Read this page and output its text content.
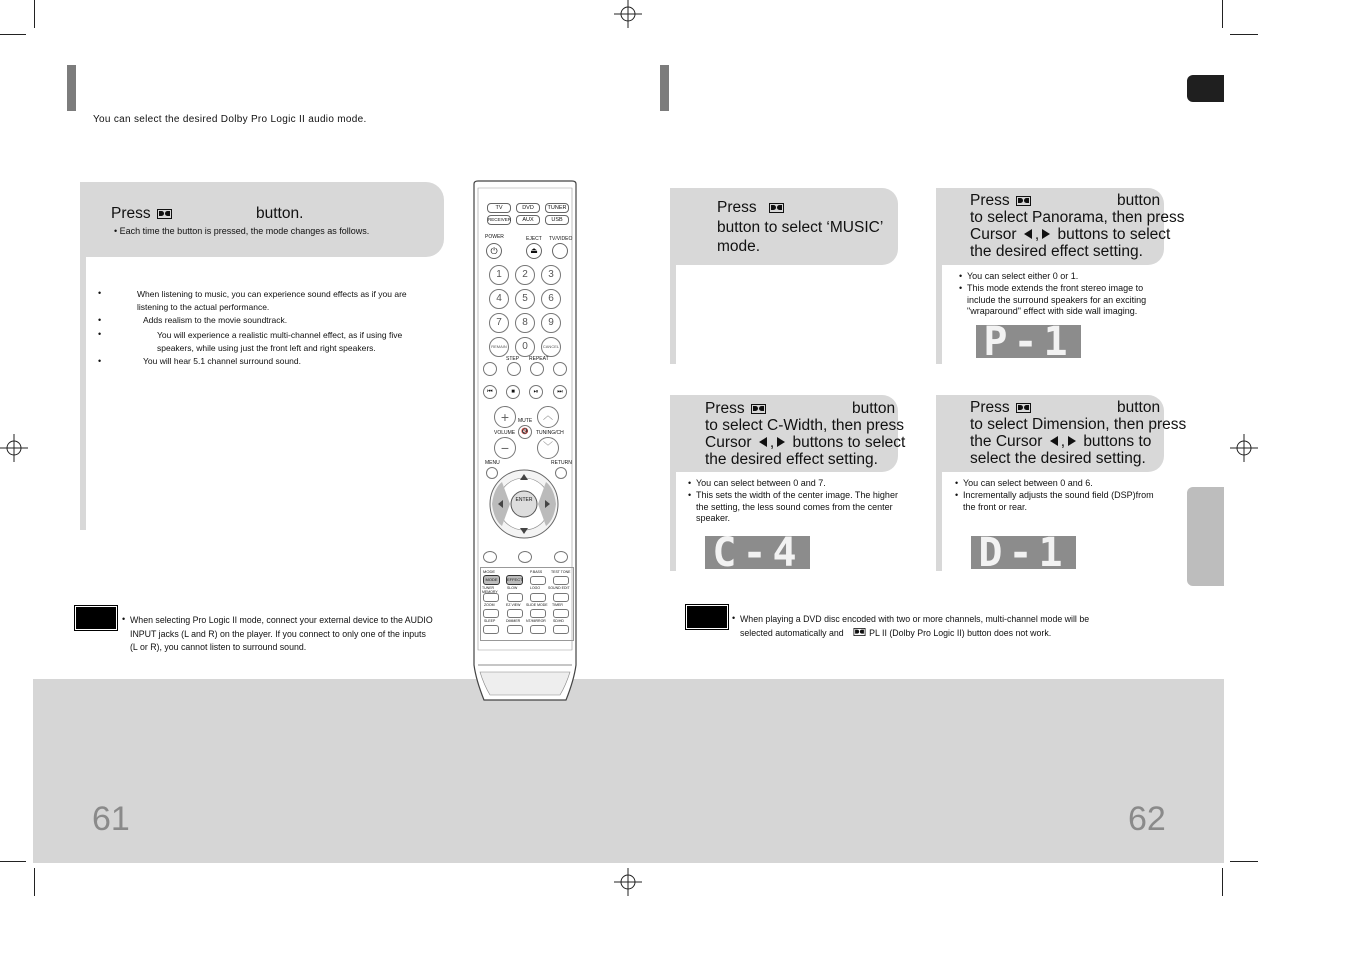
61	62
You can select the desired Dolby Pro Logic II audio mode.
Press	button.
• Each time the button is pressed, the mode changes as follows.
•	When listening to music, you can experience sound effects as if you are listening to the actual performance.
•	Adds realism to the movie soundtrack.
•	You will experience a realistic multi-channel effect, as if using five speakers, while using just the front left and right speakers.
•	You will hear 5.1 channel surround sound.
• When selecting Pro Logic II mode, connect your external device to the AUDIO INPUT jacks (L and R) on the player. If you connect to only one of the inputs (L or R), you cannot listen to surround sound.
TV	DVD	TUNER
RECEIVER	AUX	USB
POWER	EJECT TV/VIDEO
⏻	⏏
1	2	3
4	5	6
7	8	9
REMAIN	0	CANCEL
STEP REPEAT
⏮	■	⏯	⏭
+	︿
MUTE
🔇
VOLUME	TUNING/CH
−	﹀
MENU	RETURN
ENTER
MODE
MODE	EFFECT
P.BASS	TEST TONE
TUNER MEMORY
SLOW	LOGO SOUND EDIT
ZOOM	EZ VIEW SLIDE MODE TIMER
SLEEP	DIMMER NT/MIRROR SD/HD
Press
button to select ‘MUSIC’
mode.
Press	button
to select Panorama, then press
Cursor , buttons to select
the desired effect setting.
• You can select either 0 or 1.
• This mode extends the front stereo image to include the surround speakers for an exciting "wraparound" effect with side wall imaging.
P-1
Press	button
to select C-Width, then press
Cursor , buttons to select
the desired effect setting.
• You can select between 0 and 7.
• This sets the width of the center image. The higher the setting, the less sound comes from the center speaker.
C-4
Press	button
to select Dimension, then press
the Cursor , buttons to
select the desired setting.
• You can select between 0 and 6.
• Incrementally adjusts the sound field (DSP)from the front or rear.
D-1
• When playing a DVD disc encoded with two or more channels, multi-channel mode will be selected automatically and	PL II (Dolby Pro Logic II) button does not work.
